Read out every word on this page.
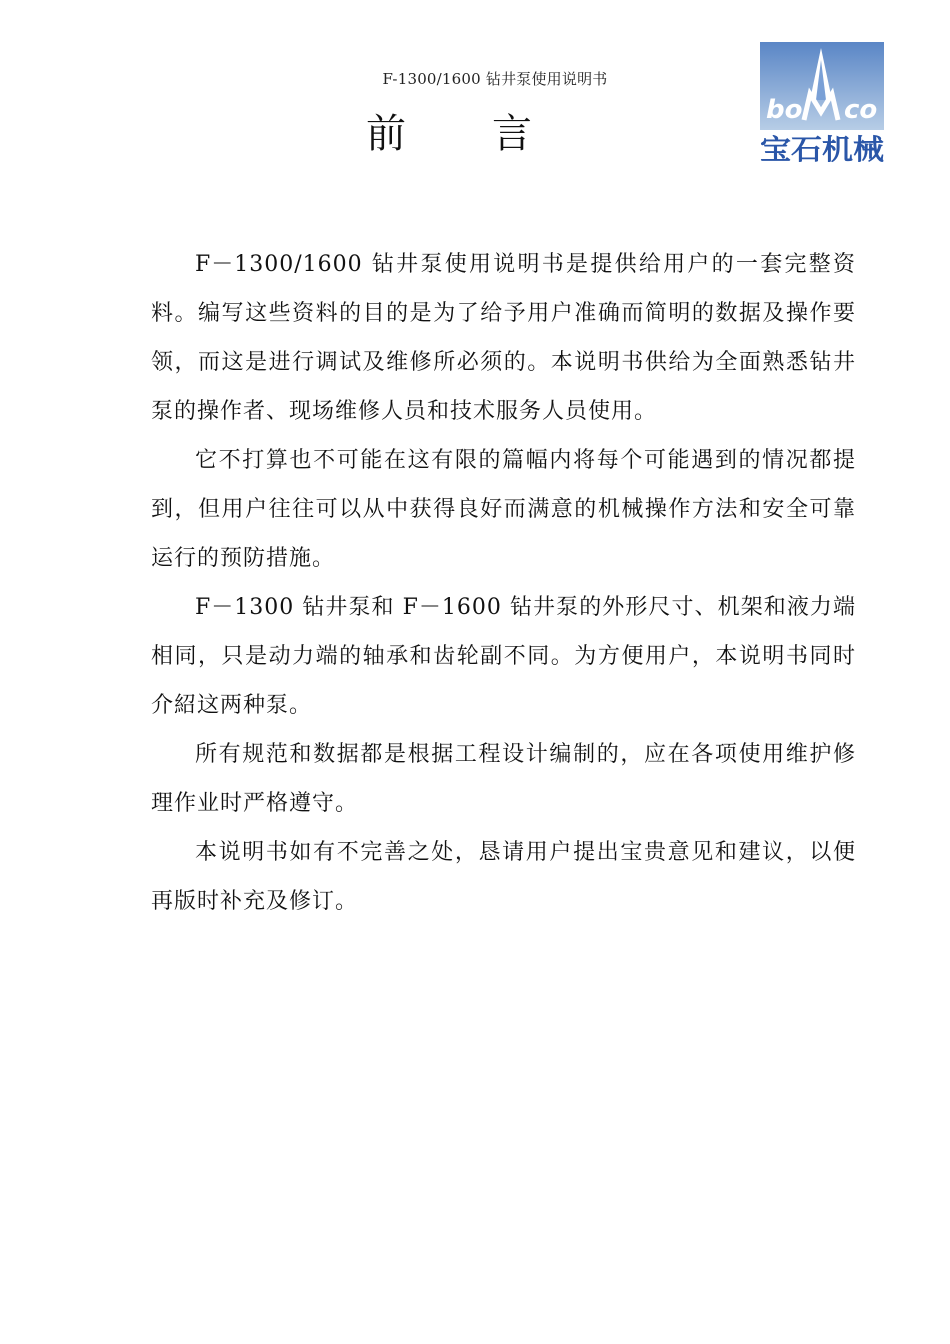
F-1300/1600 钻井泵使用说明书
前 言
bo co
宝石机械

F－1300/1600 钻井泵使用说明书是提供给用户的一套完整资料。编写这些资料的目的是为了给予用户准确而简明的数据及操作要领，而这是进行调试及维修所必须的。本说明书供给为全面熟悉钻井泵的操作者、现场维修人员和技术服务人员使用。

它不打算也不可能在这有限的篇幅内将每个可能遇到的情况都提到，但用户往往可以从中获得良好而满意的机械操作方法和安全可靠运行的预防措施。

F－1300 钻井泵和 F－1600 钻井泵的外形尺寸、机架和液力端相同，只是动力端的轴承和齿轮副不同。为方便用户，本说明书同时介紹这两种泵。

所有规范和数据都是根据工程设计编制的，应在各项使用维护修理作业时严格遵守。

本说明书如有不完善之处，恳请用户提出宝贵意见和建议，以便再版时补充及修订。
